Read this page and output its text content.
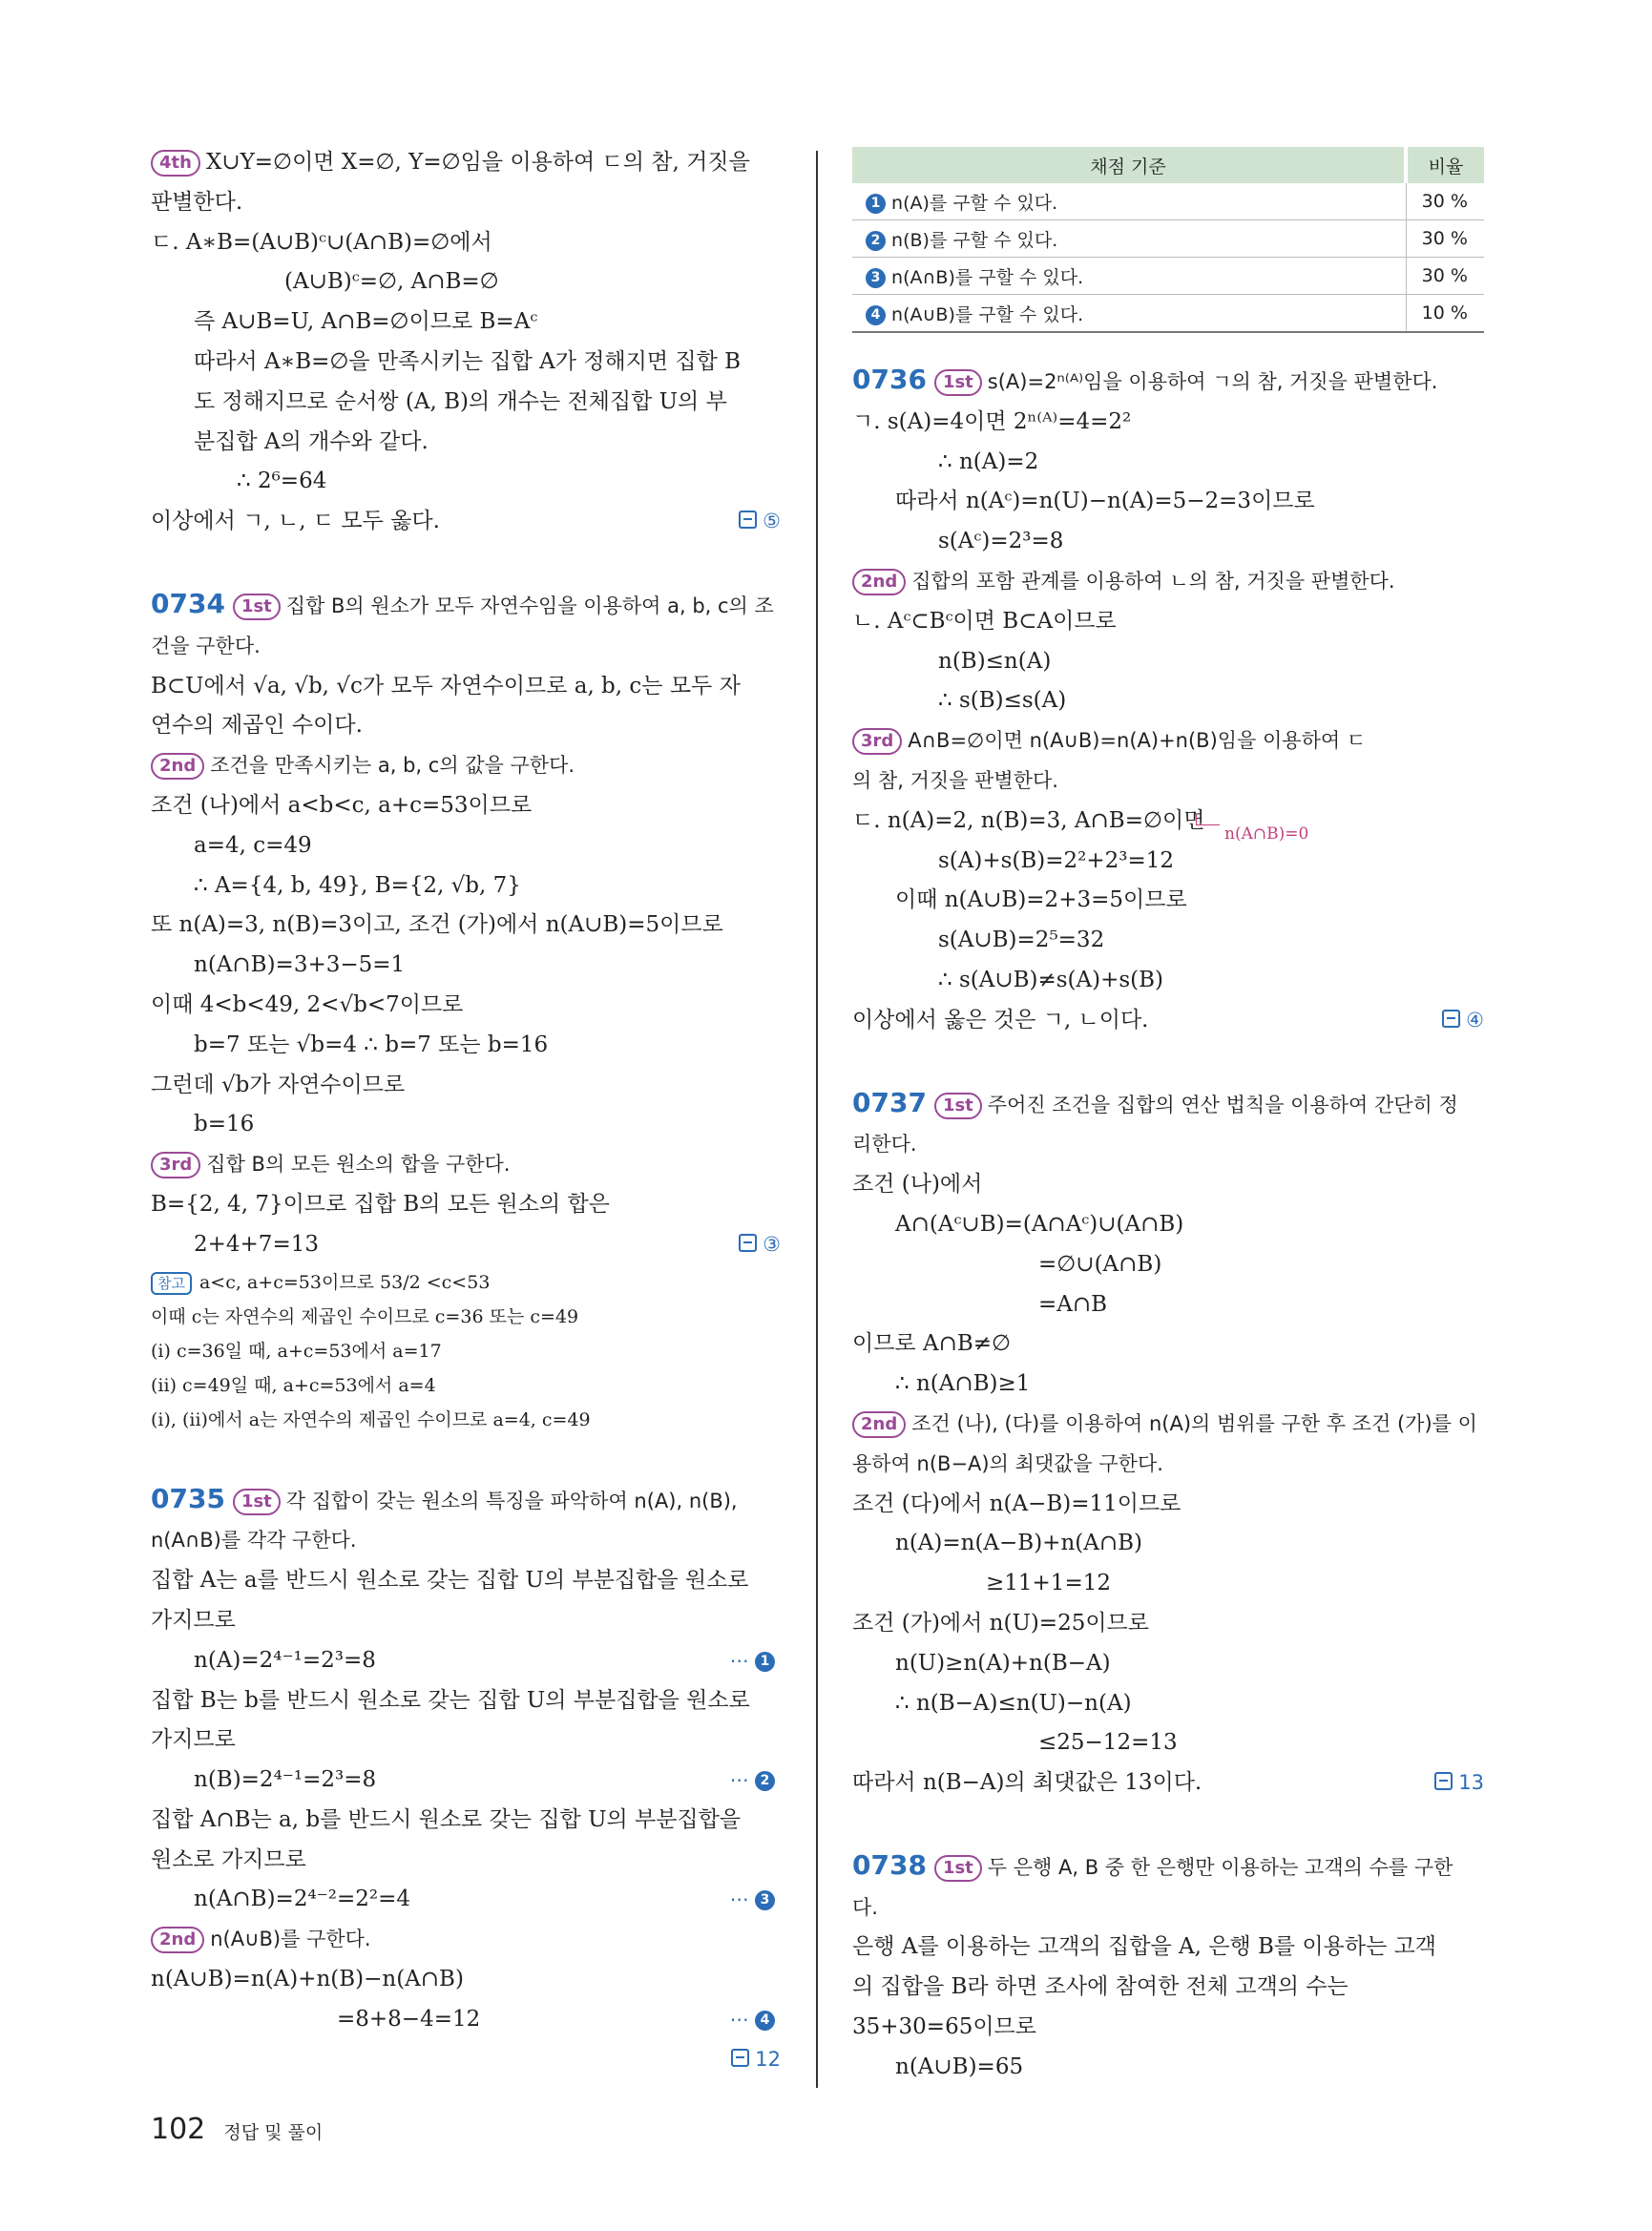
4th X∪Y=∅이면 X=∅, Y=∅임을 이용하여 ㄷ의 참, 거짓을
판별한다.
ㄷ. A∗B=(A∪B)ᶜ∪(A∩B)=∅에서
(A∪B)ᶜ=∅, A∩B=∅
즉 A∪B=U, A∩B=∅이므로 B=Aᶜ
따라서 A∗B=∅을 만족시키는 집합 A가 정해지면 집합 B
도 정해지므로 순서쌍 (A, B)의 개수는 전체집합 U의 부
분집합 A의 개수와 같다.
∴ 2⁶=64
이상에서 ㄱ, ㄴ, ㄷ 모두 옳다.	⑤
0734 1st 집합 B의 원소가 모두 자연수임을 이용하여 a, b, c의 조
건을 구한다.
B⊂U에서 √a, √b, √c가 모두 자연수이므로 a, b, c는 모두 자
연수의 제곱인 수이다.
2nd 조건을 만족시키는 a, b, c의 값을 구한다.
조건 (나)에서 a<b<c, a+c=53이므로
a=4, c=49
∴ A={4, b, 49}, B={2, √b, 7}
또 n(A)=3, n(B)=3이고, 조건 (가)에서 n(A∪B)=5이므로
n(A∩B)=3+3−5=1
이때 4<b<49, 2<√b<7이므로
b=7 또는 √b=4 ∴ b=7 또는 b=16
그런데 √b가 자연수이므로
b=16
3rd 집합 B의 모든 원소의 합을 구한다.
B={2, 4, 7}이므로 집합 B의 모든 원소의 합은
2+4+7=13	③
참고 a<c, a+c=53이므로 53/2 <c<53
이때 c는 자연수의 제곱인 수이므로 c=36 또는 c=49
(i) c=36일 때, a+c=53에서 a=17
(ii) c=49일 때, a+c=53에서 a=4
(i), (ii)에서 a는 자연수의 제곱인 수이므로 a=4, c=49
0735 1st 각 집합이 갖는 원소의 특징을 파악하여 n(A), n(B),
n(A∩B)를 각각 구한다.
집합 A는 a를 반드시 원소로 갖는 집합 U의 부분집합을 원소로
가지므로
n(A)=2⁴⁻¹=2³=8	⋯ 1
집합 B는 b를 반드시 원소로 갖는 집합 U의 부분집합을 원소로
가지므로
n(B)=2⁴⁻¹=2³=8	⋯ 2
집합 A∩B는 a, b를 반드시 원소로 갖는 집합 U의 부분집합을
원소로 가지므로
n(A∩B)=2⁴⁻²=2²=4	⋯ 3
2nd n(A∪B)를 구한다.
n(A∪B)=n(A)+n(B)−n(A∩B)
=8+8−4=12	⋯ 4
12
채점 기준	비율
1 n(A)를 구할 수 있다.	30 %
2 n(B)를 구할 수 있다.	30 %
3 n(A∩B)를 구할 수 있다.	30 %
4 n(A∪B)를 구할 수 있다.	10 %
0736 1st s(A)=2ⁿ⁽ᴬ⁾임을 이용하여 ㄱ의 참, 거짓을 판별한다.
ㄱ. s(A)=4이면 2ⁿ⁽ᴬ⁾=4=2²
∴ n(A)=2
따라서 n(Aᶜ)=n(U)−n(A)=5−2=3이므로
s(Aᶜ)=2³=8
2nd 집합의 포함 관계를 이용하여 ㄴ의 참, 거짓을 판별한다.
ㄴ. Aᶜ⊂Bᶜ이면 B⊂A이므로
n(B)≤n(A)
∴ s(B)≤s(A)
3rd A∩B=∅이면 n(A∪B)=n(A)+n(B)임을 이용하여 ㄷ
의 참, 거짓을 판별한다.
ㄷ. n(A)=2, n(B)=3, A∩B=∅이면
n(A∩B)=0
s(A)+s(B)=2²+2³=12
이때 n(A∪B)=2+3=5이므로
s(A∪B)=2⁵=32
∴ s(A∪B)≠s(A)+s(B)
이상에서 옳은 것은 ㄱ, ㄴ이다.	④
0737 1st 주어진 조건을 집합의 연산 법칙을 이용하여 간단히 정
리한다.
조건 (나)에서
A∩(Aᶜ∪B)=(A∩Aᶜ)∪(A∩B)
=∅∪(A∩B)
=A∩B
이므로 A∩B≠∅
∴ n(A∩B)≥1
2nd 조건 (나), (다)를 이용하여 n(A)의 범위를 구한 후 조건 (가)를 이
용하여 n(B−A)의 최댓값을 구한다.
조건 (다)에서 n(A−B)=11이므로
n(A)=n(A−B)+n(A∩B)
≥11+1=12
조건 (가)에서 n(U)=25이므로
n(U)≥n(A)+n(B−A)
∴ n(B−A)≤n(U)−n(A)
≤25−12=13
따라서 n(B−A)의 최댓값은 13이다.	13
0738 1st 두 은행 A, B 중 한 은행만 이용하는 고객의 수를 구한
다.
은행 A를 이용하는 고객의 집합을 A, 은행 B를 이용하는 고객
의 집합을 B라 하면 조사에 참여한 전체 고객의 수는
35+30=65이므로
n(A∪B)=65
102 정답 및 풀이
